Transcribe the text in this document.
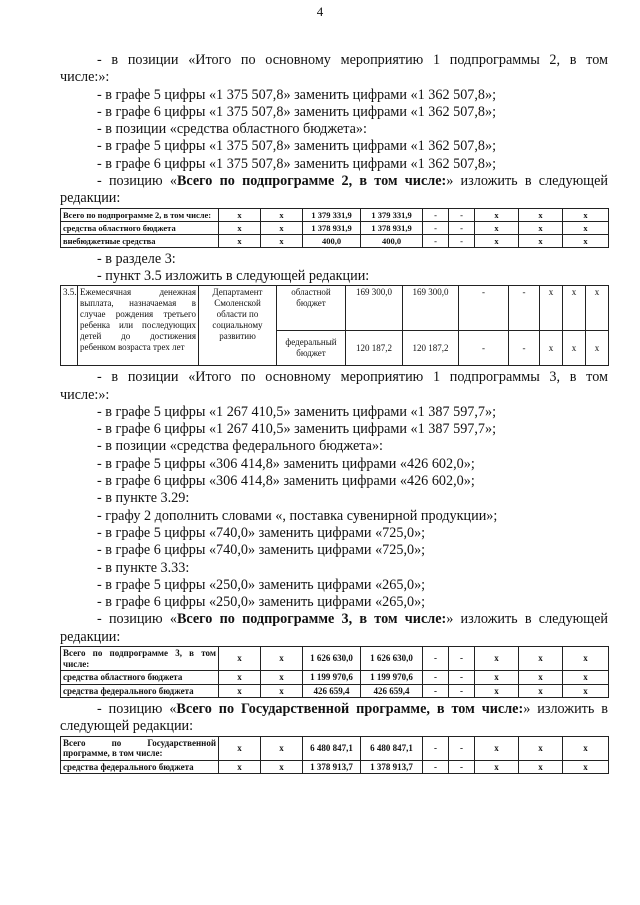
4

- в позиции «Итого по основному мероприятию 1 подпрограммы 2, в том

числе:»:

- в графе 5 цифры «1 375 507,8» заменить цифрами «1 362 507,8»;

- в графе 6 цифры «1 375 507,8» заменить цифрами «1 362 507,8»;

- в позиции «средства областного бюджета»:

- в графе 5 цифры «1 375 507,8» заменить цифрами «1 362 507,8»;

- в графе 6 цифры «1 375 507,8» заменить цифрами «1 362 507,8»;

- позицию «Всего по подпрограмме 2, в том числе:» изложить в следующей

редакции:

Всего по подпрограмме 2, в том числе:	x	x	1 379 331,9	1 379 331,9	-	-	x	x	x
средства областного бюджета	x	x	1 378 931,9	1 378 931,9	-	-	x	x	x
внебюджетные средства	x	x	400,0	400,0	-	-	x	x	x

- в разделе 3:

- пункт 3.5 изложить в следующей редакции:

3.5.	Ежемесячная денежная выплата, назначаемая в случае рождения третьего ребенка или последующих детей до достижения ребенком возраста трех лет	Департамент Смоленской области по социальному развитию	областной бюджет	169 300,0	169 300,0	-	-	x	x	x
			федеральный бюджет	120 187,2	120 187,2	-	-	x	x	x

- в позиции «Итого по основному мероприятию 1 подпрограммы 3, в том

числе:»:

- в графе 5 цифры «1 267 410,5» заменить цифрами «1 387 597,7»;

- в графе 6 цифры «1 267 410,5» заменить цифрами «1 387 597,7»;

- в позиции «средства федерального бюджета»:

- в графе 5 цифры «306 414,8» заменить цифрами «426 602,0»;

- в графе 6 цифры «306 414,8» заменить цифрами «426 602,0»;

- в пункте 3.29:

- графу 2 дополнить словами «, поставка сувенирной продукции»;

- в графе 5 цифры «740,0» заменить цифрами «725,0»;

- в графе 6 цифры «740,0» заменить цифрами «725,0»;

- в пункте 3.33:

- в графе 5 цифры «250,0» заменить цифрами «265,0»;

- в графе 6 цифры «250,0» заменить цифрами «265,0»;

- позицию «Всего по подпрограмме 3, в том числе:» изложить в следующей

редакции:

Всего по подпрограмме 3, в том числе:	x	x	1 626 630,0	1 626 630,0	-	-	x	x	x
средства областного бюджета	x	x	1 199 970,6	1 199 970,6	-	-	x	x	x
средства федерального бюджета	x	x	426 659,4	426 659,4	-	-	x	x	x

- позицию «Всего по Государственной программе, в том числе:» изложить в

следующей редакции:

Всего по Государственной программе, в том числе:	x	x	6 480 847,1	6 480 847,1	-	-	x	x	x
средства федерального бюджета	x	x	1 378 913,7	1 378 913,7	-	-	x	x	x
